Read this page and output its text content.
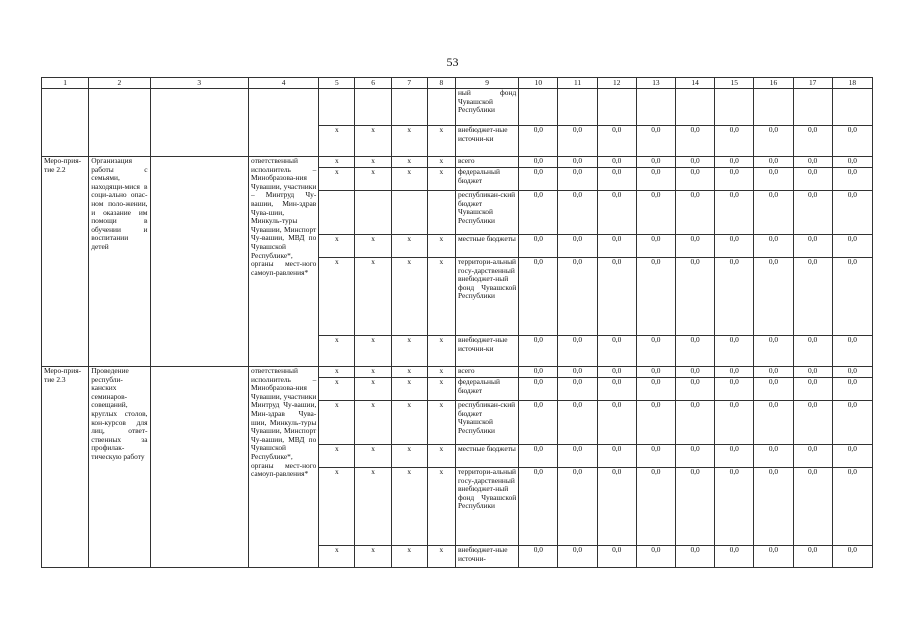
53
1	2	3	4	5	6	7	8	9	10	11	12	13	14	15	16	17	18
								ный фонд Чувашской Республики									
				x	x	x	x	внебюджет-ные источни-ки	0,0	0,0	0,0	0,0	0,0	0,0	0,0	0,0	0,0
Меро-прия-тие 2.2	Организация работы с семьями, находящи-мися в соци-ально опас-ном поло-жении, и оказание им помощи в обучении и воспитании детей		ответственный исполнитель – Минобразова-ния Чувашии, участники – Минтруд Чу-вашии, Мин-здрав Чува-шии, Минкуль-туры Чувашии, Минспорт Чу-вашии, МВД по Чувашской Республике*, органы мест-ного самоуп-равления*	x	x	x	x	всего	0,0	0,0	0,0	0,0	0,0	0,0	0,0	0,0	0,0
				x	x	x	x	федеральный бюджет	0,0	0,0	0,0	0,0	0,0	0,0	0,0	0,0	0,0
								республикан-ский бюджет Чувашской Республики	0,0	0,0	0,0	0,0	0,0	0,0	0,0	0,0	0,0
				x	x	x	x	местные бюджеты	0,0	0,0	0,0	0,0	0,0	0,0	0,0	0,0	0,0
				x	x	x	x	территори-альный госу-дарственный внебюджет-ный фонд Чувашской Республики	0,0	0,0	0,0	0,0	0,0	0,0	0,0	0,0	0,0
				x	x	x	x	внебюджет-ные источни-ки	0,0	0,0	0,0	0,0	0,0	0,0	0,0	0,0	0,0
Меро-прия-тие 2.3	Проведение республи-канских семинаров-совещаний, круглых столов, кон-курсов для лиц, ответ-ственных за профилак-тическую работу		ответственный исполнитель – Минобразова-ния Чувашии, участники Минтруд Чу-вашии, Мин-здрав Чува-шии, Минкуль-туры Чувашии, Минспорт Чу-вашии, МВД по Чувашской Республике*, органы мест-ного самоуп-равления*	x	x	x	x	всего	0,0	0,0	0,0	0,0	0,0	0,0	0,0	0,0	0,0
				x	x	x	x	федеральный бюджет	0,0	0,0	0,0	0,0	0,0	0,0	0,0	0,0	0,0
				x	x	x	x	республикан-ский бюджет Чувашской Республики	0,0	0,0	0,0	0,0	0,0	0,0	0,0	0,0	0,0
				x	x	x	x	местные бюджеты	0,0	0,0	0,0	0,0	0,0	0,0	0,0	0,0	0,0
				x	x	x	x	территори-альный госу-дарственный внебюджет-ный фонд Чувашской Республики	0,0	0,0	0,0	0,0	0,0	0,0	0,0	0,0	0,0
				x	x	x	x	внебюджет-ные источни-	0,0	0,0	0,0	0,0	0,0	0,0	0,0	0,0	0,0
